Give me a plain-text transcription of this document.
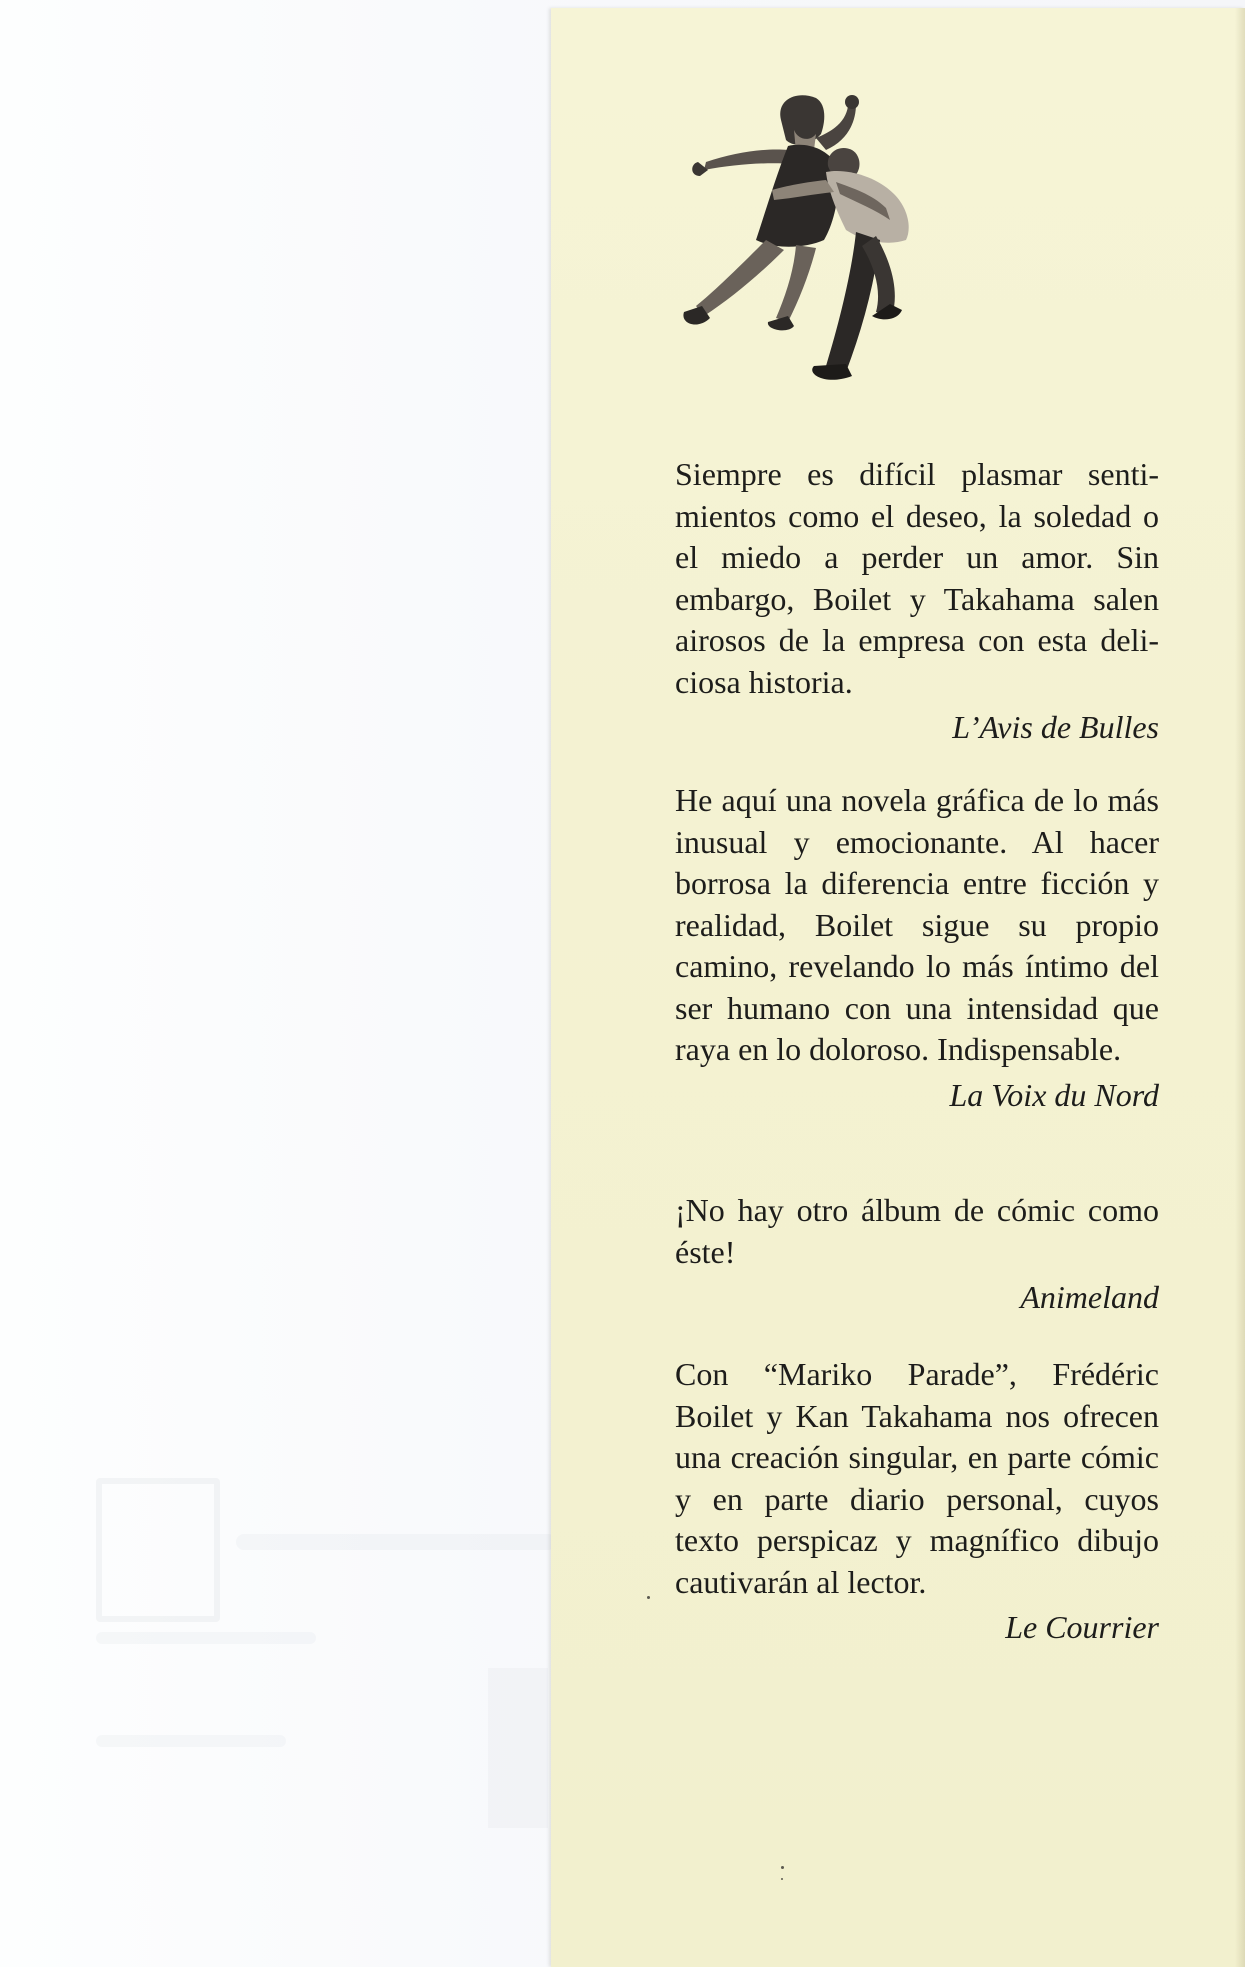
Siempre es difícil plasmar sentimientos como el deseo, la soledad o el miedo a perder un amor. Sin embargo, Boilet y Takahama salen airosos de la empresa con esta deliciosa historia.

L’Avis de Bulles

He aquí una novela gráfica de lo más inusual y emocionante. Al hacer borrosa la diferencia entre ficción y realidad, Boilet sigue su propio camino, revelando lo más íntimo del ser humano con una intensidad que raya en lo doloroso. Indispensable.

La Voix du Nord

¡No hay otro álbum de cómic como éste!

Animeland

Con “Mariko Parade”, Frédéric Boilet y Kan Takahama nos ofrecen una creación singular, en parte cómic y en parte diario personal, cuyos texto perspicaz y magnífico dibujo cautivarán al lector.

Le Courrier
